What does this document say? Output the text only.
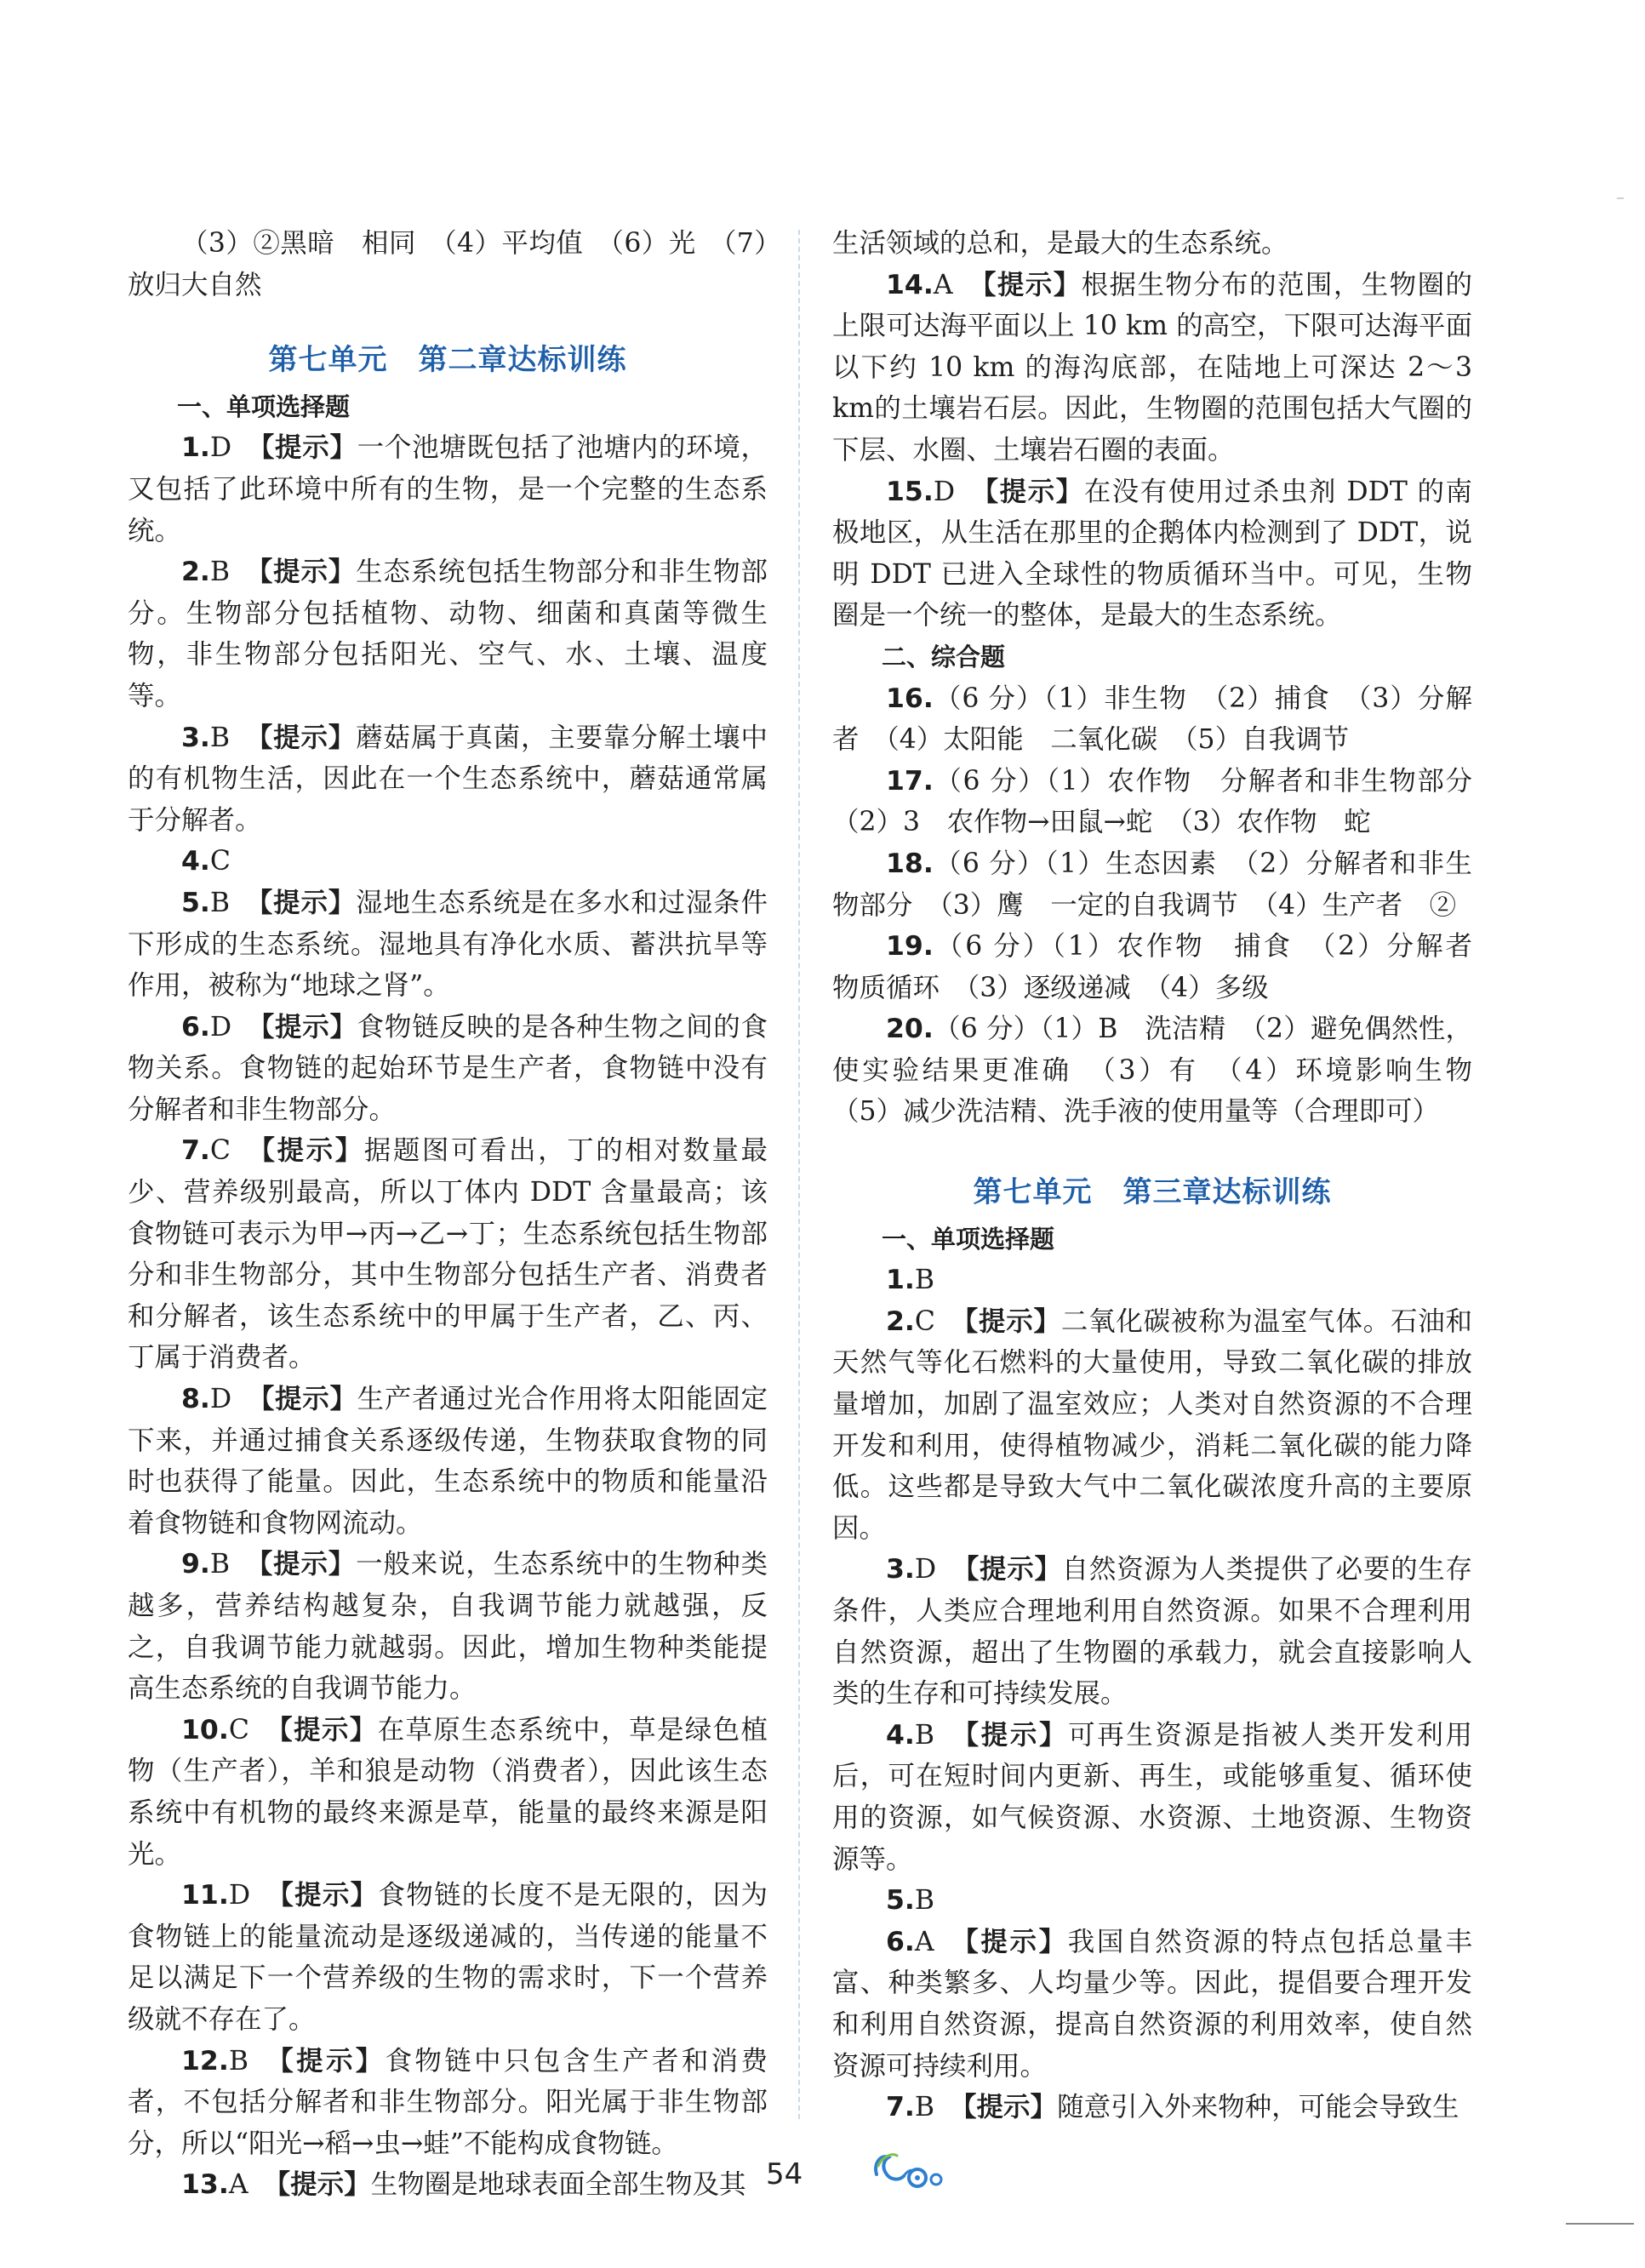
（3）②黑暗　相同　（4）平均值　（6）光　（7）放归大自然

第七单元 第二章达标训练

一、单项选择题

1.D 【提示】一个池塘既包括了池塘内的环境，又包括了此环境中所有的生物，是一个完整的生态系统。

2.B 【提示】生态系统包括生物部分和非生物部分。生物部分包括植物、动物、细菌和真菌等微生物，非生物部分包括阳光、空气、水、土壤、温度等。

3.B 【提示】蘑菇属于真菌，主要靠分解土壤中的有机物生活，因此在一个生态系统中，蘑菇通常属于分解者。

4.C

5.B 【提示】湿地生态系统是在多水和过湿条件下形成的生态系统。湿地具有净化水质、蓄洪抗旱等作用，被称为“地球之肾”。

6.D 【提示】食物链反映的是各种生物之间的食物关系。食物链的起始环节是生产者，食物链中没有分解者和非生物部分。

7.C 【提示】据题图可看出，丁的相对数量最少、营养级别最高，所以丁体内 DDT 含量最高；该食物链可表示为甲→丙→乙→丁；生态系统包括生物部分和非生物部分，其中生物部分包括生产者、消费者和分解者，该生态系统中的甲属于生产者，乙、丙、丁属于消费者。

8.D 【提示】生产者通过光合作用将太阳能固定下来，并通过捕食关系逐级传递，生物获取食物的同时也获得了能量。因此，生态系统中的物质和能量沿着食物链和食物网流动。

9.B 【提示】一般来说，生态系统中的生物种类越多，营养结构越复杂，自我调节能力就越强，反之，自我调节能力就越弱。因此，增加生物种类能提高生态系统的自我调节能力。

10.C 【提示】在草原生态系统中，草是绿色植物（生产者），羊和狼是动物（消费者），因此该生态系统中有机物的最终来源是草，能量的最终来源是阳光。

11.D 【提示】食物链的长度不是无限的，因为食物链上的能量流动是逐级递减的，当传递的能量不足以满足下一个营养级的生物的需求时，下一个营养级就不存在了。

12.B 【提示】食物链中只包含生产者和消费者，不包括分解者和非生物部分。阳光属于非生物部分，所以“阳光→稻→虫→蛙”不能构成食物链。

13.A 【提示】生物圈是地球表面全部生物及其

生活领域的总和，是最大的生态系统。

14.A 【提示】根据生物分布的范围，生物圈的上限可达海平面以上 10 km 的高空，下限可达海平面以下约 10 km 的海沟底部，在陆地上可深达 2～3 km的土壤岩石层。因此，生物圈的范围包括大气圈的下层、水圈、土壤岩石圈的表面。

15.D 【提示】在没有使用过杀虫剂 DDT 的南极地区，从生活在那里的企鹅体内检测到了 DDT，说明 DDT 已进入全球性的物质循环当中。可见，生物圈是一个统一的整体，是最大的生态系统。

二、综合题

16.（6 分）（1）非生物　（2）捕食　（3）分解者　（4）太阳能　二氧化碳　（5）自我调节

17.（6 分）（1）农作物　分解者和非生物部分　（2）3　农作物→田鼠→蛇　（3）农作物　蛇

18.（6 分）（1）生态因素　（2）分解者和非生物部分　（3）鹰　一定的自我调节　（4）生产者　②

19.（6 分）（1）农作物　捕食　（2）分解者　物质循环　（3）逐级递减　（4）多级

20.（6 分）（1）B　洗洁精　（2）避免偶然性，使实验结果更准确　（3）有　（4）环境影响生物　（5）减少洗洁精、洗手液的使用量等（合理即可）

第七单元 第三章达标训练

一、单项选择题

1.B

2.C 【提示】二氧化碳被称为温室气体。石油和天然气等化石燃料的大量使用，导致二氧化碳的排放量增加，加剧了温室效应；人类对自然资源的不合理开发和利用，使得植物减少，消耗二氧化碳的能力降低。这些都是导致大气中二氧化碳浓度升高的主要原因。

3.D 【提示】自然资源为人类提供了必要的生存条件，人类应合理地利用自然资源。如果不合理利用自然资源，超出了生物圈的承载力，就会直接影响人类的生存和可持续发展。

4.B 【提示】可再生资源是指被人类开发利用后，可在短时间内更新、再生，或能够重复、循环使用的资源，如气候资源、水资源、土地资源、生物资源等。

5.B

6.A 【提示】我国自然资源的特点包括总量丰富、种类繁多、人均量少等。因此，提倡要合理开发和利用自然资源，提高自然资源的利用效率，使自然资源可持续利用。

7.B 【提示】随意引入外来物种，可能会导致生

54
